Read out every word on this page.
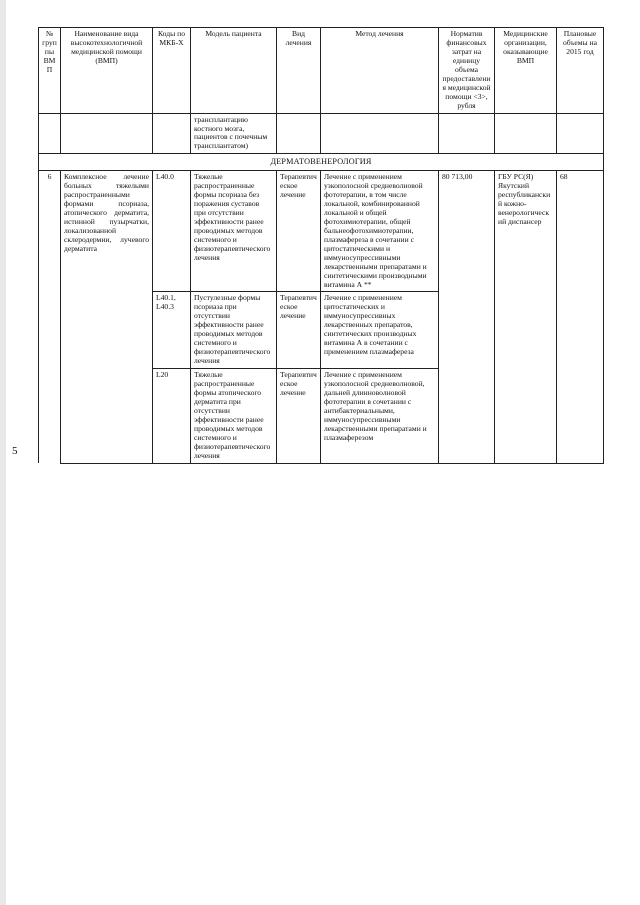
5
№ группы ВМП	Наименование вида высокотехнологичной медицинской помощи (ВМП)	Коды по МКБ-Х	Модель пациента	Вид лечения	Метод лечения	Норматив финансовых затрат на единицу объема предоставления медицинской помощи <3>, рубля	Медицинские организации, оказывающие ВМП	Плановые объемы на 2015 год
			трансплантацию костного мозга, пациентов с почечным трансплантатом)					
ДЕРМАТОВЕНЕРОЛОГИЯ								
6	Комплексное лечение больных тяжелыми распространенными формами псориаза, атопического дерматита, истинной пузырчатки, локализованной склеродермии, лучевого дерматита	L40.0	Тяжелые распространенные формы псориаза без поражения суставов при отсутствии эффективности ранее проводимых методов системного и физиотерапевтического лечения	Терапевтическое лечение	Лечение с применением узкополосной средневолновой фототерапии, в том числе локальной, комбинированной локальной и общей фотохимиотерапии, общей бальнеофотохимиотерапии, плазмафереза в сочетании с цитостатическими и иммуносупрессивными лекарственными препаратами и синтетическими производными витамина А **	80 713,00	ГБУ РС(Я) Якутский республиканский кожно-венерологический диспансер	68
		L40.1, L40.3	Пустулезные формы псориаза при отсутствии эффективности ранее проводимых методов системного и физиотерапевтического лечения	Терапевтическое лечение	Лечение с применением цитостатических и иммуносупрессивных лекарственных препаратов, синтетических производных витамина А в сочетании с применением плазмафереза			
		L20	Тяжелые распространенные формы атопического дерматита при отсутствии эффективности ранее проводимых методов системного и физиотерапевтического лечения	Терапевтическое лечение	Лечение с применением узкополосной средневолновой, дальней длинноволновой фототерапии в сочетании с антибактериальными, иммуносупрессивными лекарственными препаратами и плазмаферезом			
